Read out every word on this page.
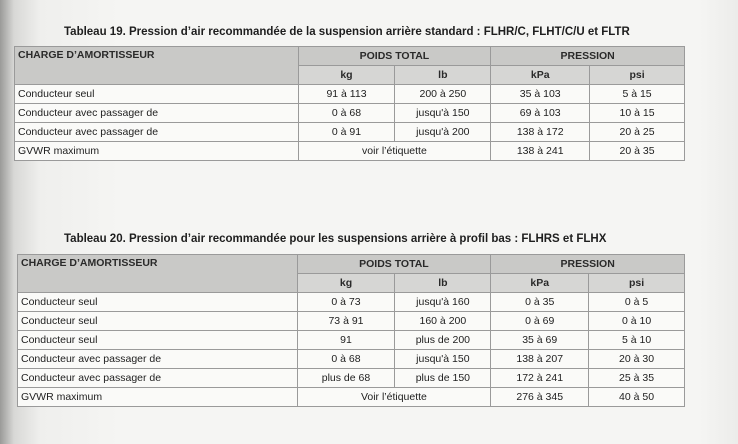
Tableau 19. Pression d’air recommandée de la suspension arrière standard : FLHR/C, FLHT/C/U et FLTR
CHARGE D’AMORTISSEUR	POIDS TOTAL		PRESSION	
	kg	lb	kPa	psi
Conducteur seul	91 à 113	200 à 250	35 à 103	5 à 15
Conducteur avec passager de	0 à 68	jusqu'à 150	69 à 103	10 à 15
Conducteur avec passager de	0 à 91	jusqu'à 200	138 à 172	20 à 25
GVWR maximum	voir l’étiquette		138 à 241	20 à 35
Tableau 20. Pression d’air recommandée pour les suspensions arrière à profil bas : FLHRS et FLHX
CHARGE D’AMORTISSEUR	POIDS TOTAL		PRESSION	
	kg	lb	kPa	psi
Conducteur seul	0 à 73	jusqu'à 160	0 à 35	0 à 5
Conducteur seul	73 à 91	160 à 200	0 à 69	0 à 10
Conducteur seul	91	plus de 200	35 à 69	5 à 10
Conducteur avec passager de	0 à 68	jusqu'à 150	138 à 207	20 à 30
Conducteur avec passager de	plus de 68	plus de 150	172 à 241	25 à 35
GVWR maximum	Voir l’étiquette		276 à 345	40 à 50
